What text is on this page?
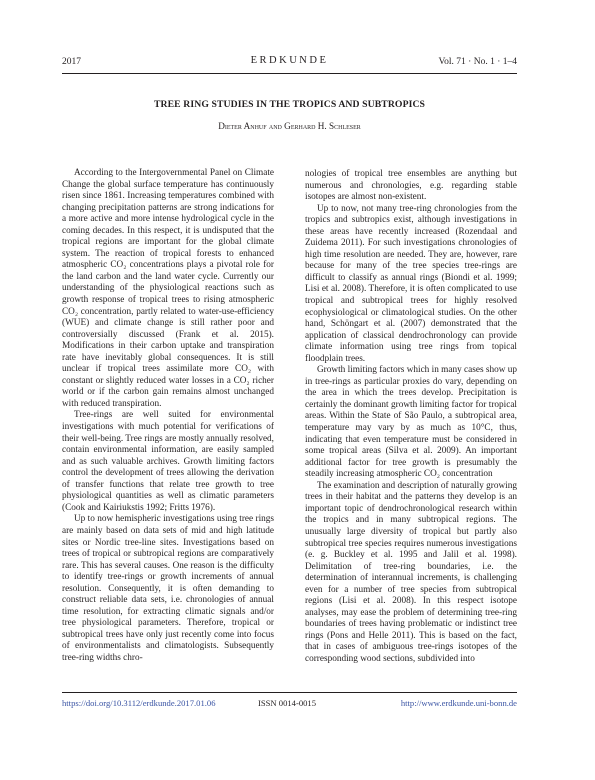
2017	ERDKUNDE	Vol. 71 · No. 1 · 1–4
TREE RING STUDIES IN THE TROPICS AND SUBTROPICS
Dieter Anhuf and Gerhard H. Schleser

According to the Intergovernmental Panel on Climate Change the global surface temperature has continuously risen since 1861. Increasing temperatures combined with changing precipitation patterns are strong indications for a more active and more intense hydrological cycle in the coming decades. In this respect, it is undisputed that the tropical regions are important for the global climate system. The reaction of tropical forests to enhanced atmospheric CO₂ concentrations plays a pivotal role for the land carbon and the land water cycle. Currently our understanding of the physiological reactions such as growth response of tropical trees to rising atmospheric CO₂ concentration, partly related to water-use-efficiency (WUE) and climate change is still rather poor and controversially discussed (Frank et al. 2015). Modifications in their carbon uptake and transpiration rate have inevitably global consequences. It is still unclear if tropical trees assimilate more CO₂ with constant or slightly reduced water losses in a CO₂ richer world or if the carbon gain remains almost unchanged with reduced transpiration.

Tree-rings are well suited for environmental investigations with much potential for verifications of their well-being. Tree rings are mostly annually resolved, contain environmental information, are easily sampled and as such valuable archives. Growth limiting factors control the development of trees allowing the derivation of transfer functions that relate tree growth to tree physiological quantities as well as climatic parameters (Cook and Kairiukstis 1992; Fritts 1976).

Up to now hemispheric investigations using tree rings are mainly based on data sets of mid and high latitude sites or Nordic tree-line sites. Investigations based on trees of tropical or subtropical regions are comparatively rare. This has several causes. One reason is the difficulty to identify tree-rings or growth increments of annual resolution. Consequently, it is often demanding to construct reliable data sets, i.e. chronologies of annual time resolution, for extracting climatic signals and/or tree physiological parameters. Therefore, tropical or subtropical trees have only just recently come into focus of environmentalists and climatologists. Subsequently tree-ring widths chro-

nologies of tropical tree ensembles are anything but numerous and chronologies, e.g. regarding stable isotopes are almost non-existent.

Up to now, not many tree-ring chronologies from the tropics and subtropics exist, although investigations in these areas have recently increased (Rozendaal and Zuidema 2011). For such investigations chronologies of high time resolution are needed. They are, however, rare because for many of the tree species tree-rings are difficult to classify as annual rings (Biondi et al. 1999; Lisi et al. 2008). Therefore, it is often complicated to use tropical and subtropical trees for highly resolved ecophysiological or climatological studies. On the other hand, Schöngart et al. (2007) demonstrated that the application of classical dendrochronology can provide climate information using tree rings from topical floodplain trees.

Growth limiting factors which in many cases show up in tree-rings as particular proxies do vary, depending on the area in which the trees develop. Precipitation is certainly the dominant growth limiting factor for tropical areas. Within the State of São Paulo, a subtropical area, temperature may vary by as much as 10°C, thus, indicating that even temperature must be considered in some tropical areas (Silva et al. 2009). An important additional factor for tree growth is presumably the steadily increasing atmospheric CO₂ concentration

The examination and description of naturally growing trees in their habitat and the patterns they develop is an important topic of dendrochronological research within the tropics and in many subtropical regions. The unusually large diversity of tropical but partly also subtropical tree species requires numerous investigations (e. g. Buckley et al. 1995 and Jalil et al. 1998). Delimitation of tree-ring boundaries, i.e. the determination of interannual increments, is challenging even for a number of tree species from subtropical regions (Lisi et al. 2008). In this respect isotope analyses, may ease the problem of determining tree-ring boundaries of trees having problematic or indistinct tree rings (Pons and Helle 2011). This is based on the fact, that in cases of ambiguous tree-rings isotopes of the corresponding wood sections, subdivided into

https://doi.org/10.3112/erdkunde.2017.01.06	ISSN 0014-0015	http://www.erdkunde.uni-bonn.de
